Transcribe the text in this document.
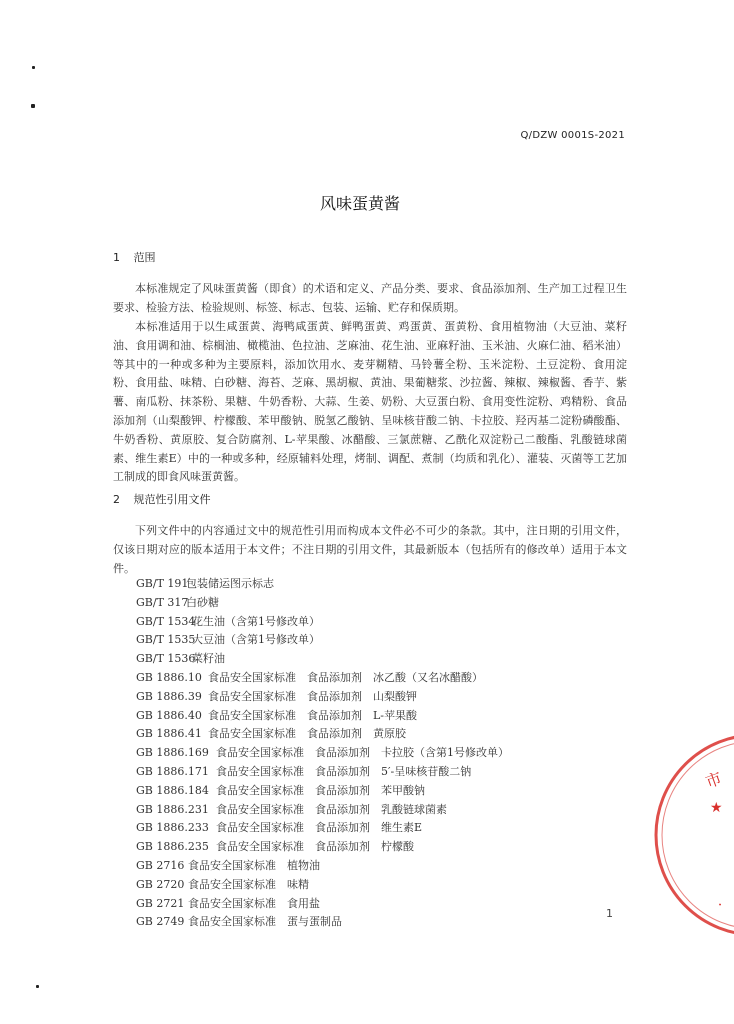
Q/DZW 0001S-2021
风味蛋黄酱
1 范围

本标准规定了风味蛋黄酱（即食）的术语和定义、产品分类、要求、食品添加剂、生产加工过程卫生要求、检验方法、检验规则、标签、标志、包装、运输、贮存和保质期。

本标准适用于以生咸蛋黄、海鸭咸蛋黄、鲜鸭蛋黄、鸡蛋黄、蛋黄粉、食用植物油（大豆油、菜籽油、食用调和油、棕榈油、橄榄油、色拉油、芝麻油、花生油、亚麻籽油、玉米油、火麻仁油、稻米油）等其中的一种或多种为主要原料，添加饮用水、麦芽糊精、马铃薯全粉、玉米淀粉、土豆淀粉、食用淀粉、食用盐、味精、白砂糖、海苔、芝麻、黑胡椒、黄油、果葡糖浆、沙拉酱、辣椒、辣椒酱、香芋、紫薯、南瓜粉、抹茶粉、果糖、牛奶香粉、大蒜、生姜、奶粉、大豆蛋白粉、食用变性淀粉、鸡精粉、食品添加剂（山梨酸钾、柠檬酸、苯甲酸钠、脱氢乙酸钠、呈味核苷酸二钠、卡拉胶、羟丙基二淀粉磷酸酯、牛奶香粉、黄原胶、复合防腐剂、L-苹果酸、冰醋酸、三氯蔗糖、乙酰化双淀粉己二酸酯、乳酸链球菌素、维生素E）中的一种或多种，经原辅料处理，烤制、调配、煮制（均质和乳化）、灌装、灭菌等工艺加工制成的即食风味蛋黄酱。

2 规范性引用文件

下列文件中的内容通过文中的规范性引用而构成本文件必不可少的条款。其中，注日期的引用文件，仅该日期对应的版本适用于本文件；不注日期的引用文件，其最新版本（包括所有的修改单）适用于本文件。

GB/T 191包装储运图示标志
GB/T 317白砂糖
GB/T 1534花生油（含第1号修改单）
GB/T 1535大豆油（含第1号修改单）
GB/T 1536菜籽油
GB 1886.10 食品安全国家标准　食品添加剂　冰乙酸（又名冰醋酸）
GB 1886.39 食品安全国家标准　食品添加剂　山梨酸钾
GB 1886.40 食品安全国家标准　食品添加剂　L-苹果酸
GB 1886.41 食品安全国家标准　食品添加剂　黄原胶
GB 1886.169 食品安全国家标准　食品添加剂　卡拉胶（含第1号修改单）
GB 1886.171 食品安全国家标准　食品添加剂　5′-呈味核苷酸二钠
GB 1886.184 食品安全国家标准　食品添加剂　苯甲酸钠
GB 1886.231 食品安全国家标准　食品添加剂　乳酸链球菌素
GB 1886.233 食品安全国家标准　食品添加剂　维生素E
GB 1886.235 食品安全国家标准　食品添加剂　柠檬酸
GB 2716 食品安全国家标准　植物油
GB 2720 食品安全国家标准　味精
GB 2721 食品安全国家标准　食用盐
GB 2749 食品安全国家标准　蛋与蛋制品
1
市
★
·
